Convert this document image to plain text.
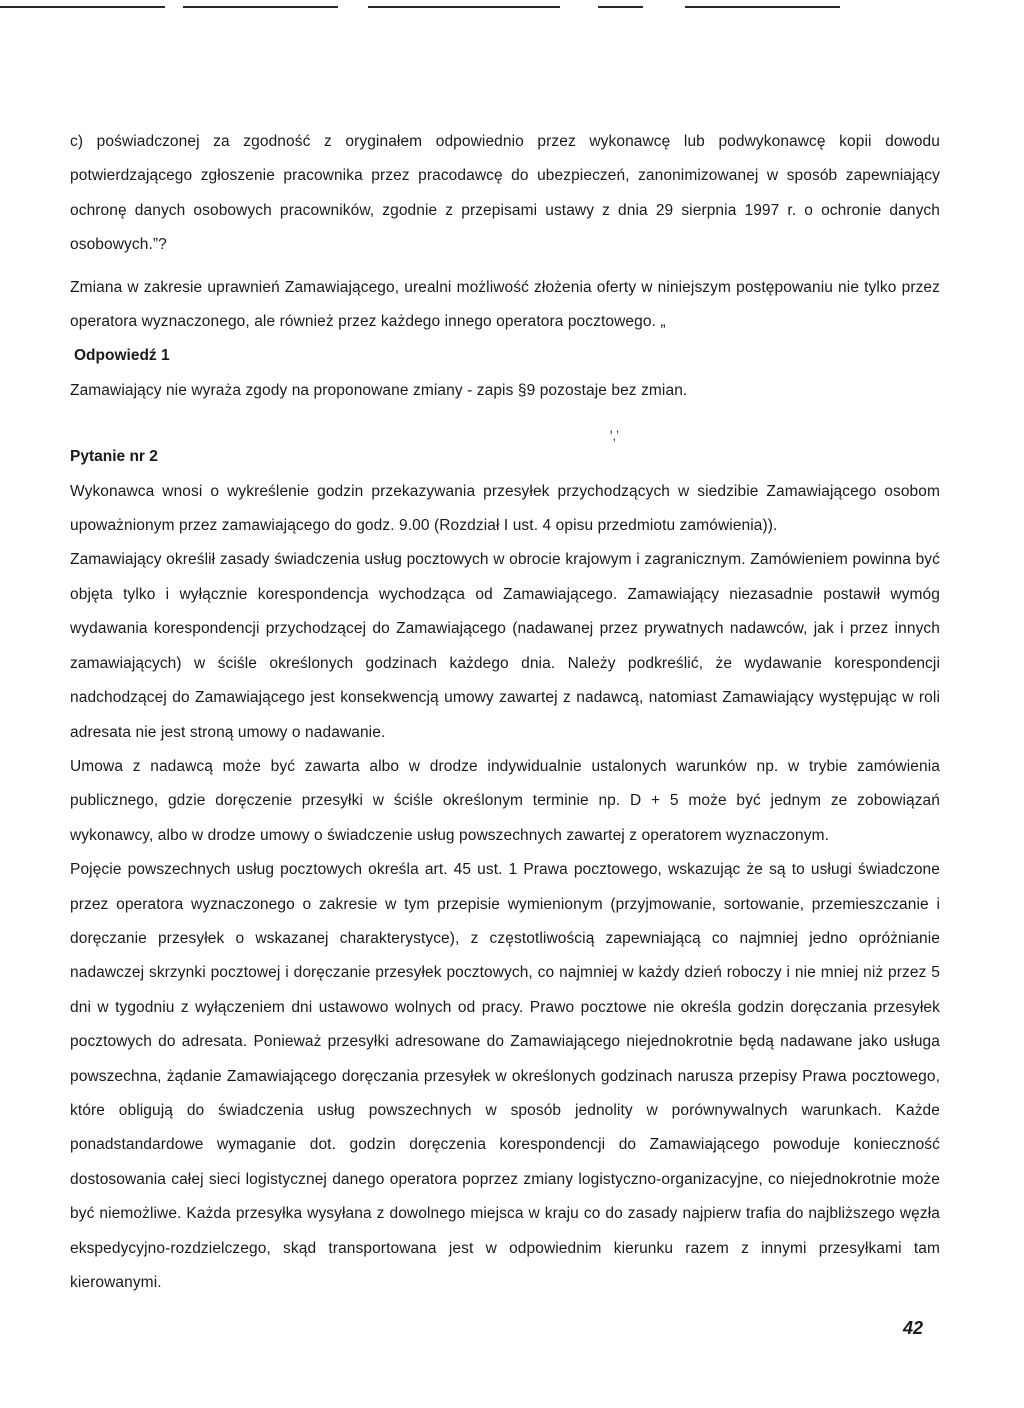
c) poświadczonej za zgodność z oryginałem odpowiednio przez wykonawcę lub podwykonawcę kopii dowodu potwierdzającego zgłoszenie pracownika przez pracodawcę do ubezpieczeń, zanonimizowanej w sposób zapewniający ochronę danych osobowych pracowników, zgodnie z przepisami ustawy z dnia 29 sierpnia 1997 r. o ochronie danych osobowych.”?

Zmiana w zakresie uprawnień Zamawiającego, urealni możliwość złożenia oferty w niniejszym postępowaniu nie tylko przez operatora wyznaczonego, ale również przez każdego innego operatora pocztowego. „

Odpowiedź 1

Zamawiający nie wyraża zgody na proponowane zmiany - zapis §9 pozostaje bez zmian.

Pytanie nr 2

Wykonawca wnosi o wykreślenie godzin przekazywania przesyłek przychodzących w siedzibie Zamawiającego osobom upoważnionym przez zamawiającego do godz. 9.00 (Rozdział I ust. 4 opisu przedmiotu zamówienia)).

Zamawiający określił zasady świadczenia usług pocztowych w obrocie krajowym i zagranicznym. Zamówieniem powinna być objęta tylko i wyłącznie korespondencja wychodząca od Zamawiającego. Zamawiający niezasadnie postawił wymóg wydawania korespondencji przychodzącej do Zamawiającego (nadawanej przez prywatnych nadawców, jak i przez innych zamawiających) w ściśle określonych godzinach każdego dnia. Należy podkreślić, że wydawanie korespondencji nadchodzącej do Zamawiającego jest konsekwencją umowy zawartej z nadawcą, natomiast Zamawiający występując w roli adresata nie jest stroną umowy o nadawanie.

Umowa z nadawcą może być zawarta albo w drodze indywidualnie ustalonych warunków np. w trybie zamówienia publicznego, gdzie doręczenie przesyłki w ściśle określonym terminie np. D + 5 może być jednym ze zobowiązań wykonawcy, albo w drodze umowy o świadczenie usług powszechnych zawartej z operatorem wyznaczonym.

Pojęcie powszechnych usług pocztowych określa art. 45 ust. 1 Prawa pocztowego, wskazując że są to usługi świadczone przez operatora wyznaczonego o zakresie w tym przepisie wymienionym (przyjmowanie, sortowanie, przemieszczanie i doręczanie przesyłek o wskazanej charakterystyce), z częstotliwością zapewniającą co najmniej jedno opróżnianie nadawczej skrzynki pocztowej i doręczanie przesyłek pocztowych, co najmniej w każdy dzień roboczy i nie mniej niż przez 5 dni w tygodniu z wyłączeniem dni ustawowo wolnych od pracy. Prawo pocztowe nie określa godzin doręczania przesyłek pocztowych do adresata. Ponieważ przesyłki adresowane do Zamawiającego niejednokrotnie będą nadawane jako usługa powszechna, żądanie Zamawiającego doręczania przesyłek w określonych godzinach narusza przepisy Prawa pocztowego, które obligują do świadczenia usług powszechnych w sposób jednolity w porównywalnych warunkach. Każde ponadstandardowe wymaganie dot. godzin doręczenia korespondencji do Zamawiającego powoduje konieczność dostosowania całej sieci logistycznej danego operatora poprzez zmiany logistyczno-organizacyjne, co niejednokrotnie może być niemożliwe. Każda przesyłka wysyłana z dowolnego miejsca w kraju co do zasady najpierw trafia do najbliższego węzła ekspedycyjno-rozdzielczego, skąd transportowana jest w odpowiednim kierunku razem z innymi przesyłkami tam kierowanymi.

ꞌ,ʼ
42
